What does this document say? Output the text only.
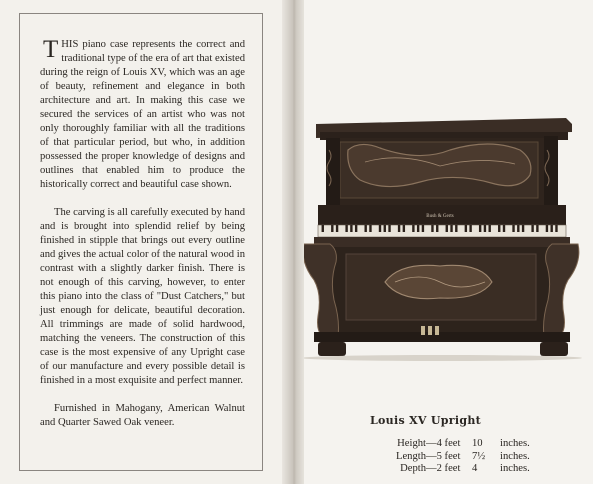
THIS piano case represents the correct and traditional type of the era of art that existed during the reign of Louis XV, which was an age of beauty, refinement and elegance in both architecture and art. In making this case we secured the services of an artist who was not only thoroughly familiar with all the traditions of that particular period, but who, in addition possessed the proper knowledge of designs and outlines that enabled him to produce the historically correct and beautiful case shown.

The carving is all carefully executed by hand and is brought into splendid relief by being finished in stipple that brings out every outline and gives the actual color of the natural wood in contrast with a slightly darker finish. There is not enough of this carving, however, to enter this piano into the class of "Dust Catchers," but just enough for delicate, beautiful decoration. All trimmings are made of solid hardwood, matching the veneers. The construction of this case is the most expensive of any Upright case of our manufacture and every possible detail is finished in a most exquisite and perfect manner.

Furnished in Mahogany, American Walnut and Quarter Sawed Oak veneer.

Bush & Gerts
Louis XV Upright
Height—4 feet 10 inches.
Length—5 feet 7½ inches.
Depth—2 feet 4 inches.
